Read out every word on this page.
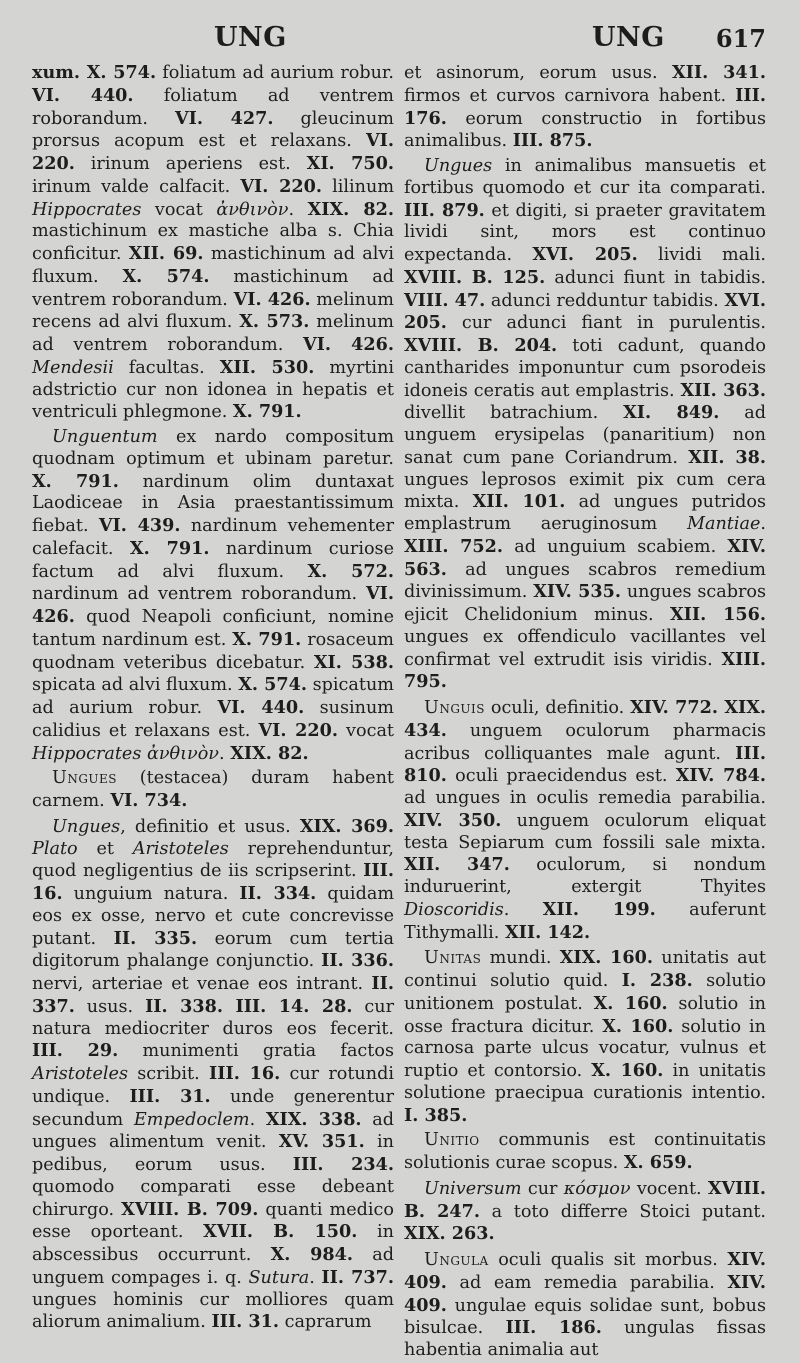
UNG	UNG 617

xum. X. 574. foliatum ad aurium robur. VI. 440. foliatum ad ventrem roborandum. VI. 427. gleucinum prorsus acopum est et relaxans. VI. 220. irinum aperiens est. XI. 750. irinum valde calfacit. VI. 220. lilinum Hippocrates vocat ἀνθινὸν. XIX. 82. mastichinum ex mastiche alba s. Chia conficitur. XII. 69. mastichinum ad alvi fluxum. X. 574. mastichinum ad ventrem roborandum. VI. 426. melinum recens ad alvi fluxum. X. 573. melinum ad ventrem roborandum. VI. 426. Mendesii facultas. XII. 530. myrtini adstrictio cur non idonea in hepatis et ventriculi phlegmone. X. 791.

Unguentum ex nardo compositum quodnam optimum et ubinam paretur. X. 791. nardinum olim duntaxat Laodiceae in Asia praestantissimum fiebat. VI. 439. nardinum vehementer calefacit. X. 791. nardinum curiose factum ad alvi fluxum. X. 572. nardinum ad ventrem roborandum. VI. 426. quod Neapoli conficiunt, nomine tantum nardinum est. X. 791. rosaceum quodnam veteribus dicebatur. XI. 538. spicata ad alvi fluxum. X. 574. spicatum ad aurium robur. VI. 440. susinum calidius et relaxans est. VI. 220. vocat Hippocrates ἀνθινὸν. XIX. 82.

Ungues (testacea) duram habent carnem. VI. 734.

Ungues, definitio et usus. XIX. 369. Plato et Aristoteles reprehenduntur, quod negligentius de iis scripserint. III. 16. unguium natura. II. 334. quidam eos ex osse, nervo et cute concrevisse putant. II. 335. eorum cum tertia digitorum phalange conjunctio. II. 336. nervi, arteriae et venae eos intrant. II. 337. usus. II. 338. III. 14. 28. cur natura mediocriter duros eos fecerit. III. 29. munimenti gratia factos Aristoteles scribit. III. 16. cur rotundi undique. III. 31. unde generentur secundum Empedoclem. XIX. 338. ad ungues alimentum venit. XV. 351. in pedibus, eorum usus. III. 234. quomodo comparati esse debeant chirurgo. XVIII. B. 709. quanti medico esse oporteant. XVII. B. 150. in abscessibus occurrunt. X. 984. ad unguem compages i. q. Sutura. II. 737. ungues hominis cur molliores quam aliorum animalium. III. 31. caprarum

et asinorum, eorum usus. XII. 341. firmos et curvos carnivora habent. III. 176. eorum constructio in fortibus animalibus. III. 875.

Ungues in animalibus mansuetis et fortibus quomodo et cur ita comparati. III. 879. et digiti, si praeter gravitatem lividi sint, mors est continuo expectanda. XVI. 205. lividi mali. XVIII. B. 125. adunci fiunt in tabidis. VIII. 47. adunci redduntur tabidis. XVI. 205. cur adunci fiant in purulentis. XVIII. B. 204. toti cadunt, quando cantharides imponuntur cum psorodeis idoneis ceratis aut emplastris. XII. 363. divellit batrachium. XI. 849. ad unguem erysipelas (panaritium) non sanat cum pane Coriandrum. XII. 38. ungues leprosos eximit pix cum cera mixta. XII. 101. ad ungues putridos emplastrum aeruginosum Mantiae. XIII. 752. ad unguium scabiem. XIV. 563. ad ungues scabros remedium divinissimum. XIV. 535. ungues scabros ejicit Chelidonium minus. XII. 156. ungues ex offendiculo vacillantes vel confirmat vel extrudit isis viridis. XIII. 795.

Unguis oculi, definitio. XIV. 772. XIX. 434. unguem oculorum pharmacis acribus colliquantes male agunt. III. 810. oculi praecidendus est. XIV. 784. ad ungues in oculis remedia parabilia. XIV. 350. unguem oculorum eliquat testa Sepiarum cum fossili sale mixta. XII. 347. oculorum, si nondum induruerint, extergit Thyites Dioscoridis. XII. 199. auferunt Tithymalli. XII. 142.

Unitas mundi. XIX. 160. unitatis aut continui solutio quid. I. 238. solutio unitionem postulat. X. 160. solutio in osse fractura dicitur. X. 160. solutio in carnosa parte ulcus vocatur, vulnus et ruptio et contorsio. X. 160. in unitatis solutione praecipua curationis intentio. I. 385.

Unitio communis est continuitatis solutionis curae scopus. X. 659.

Universum cur κόσμον vocent. XVIII. B. 247. a toto differre Stoici putant. XIX. 263.

Ungula oculi qualis sit morbus. XIV. 409. ad eam remedia parabilia. XIV. 409. ungulae equis solidae sunt, bobus bisulcae. III. 186. ungulas fissas habentia animalia aut
